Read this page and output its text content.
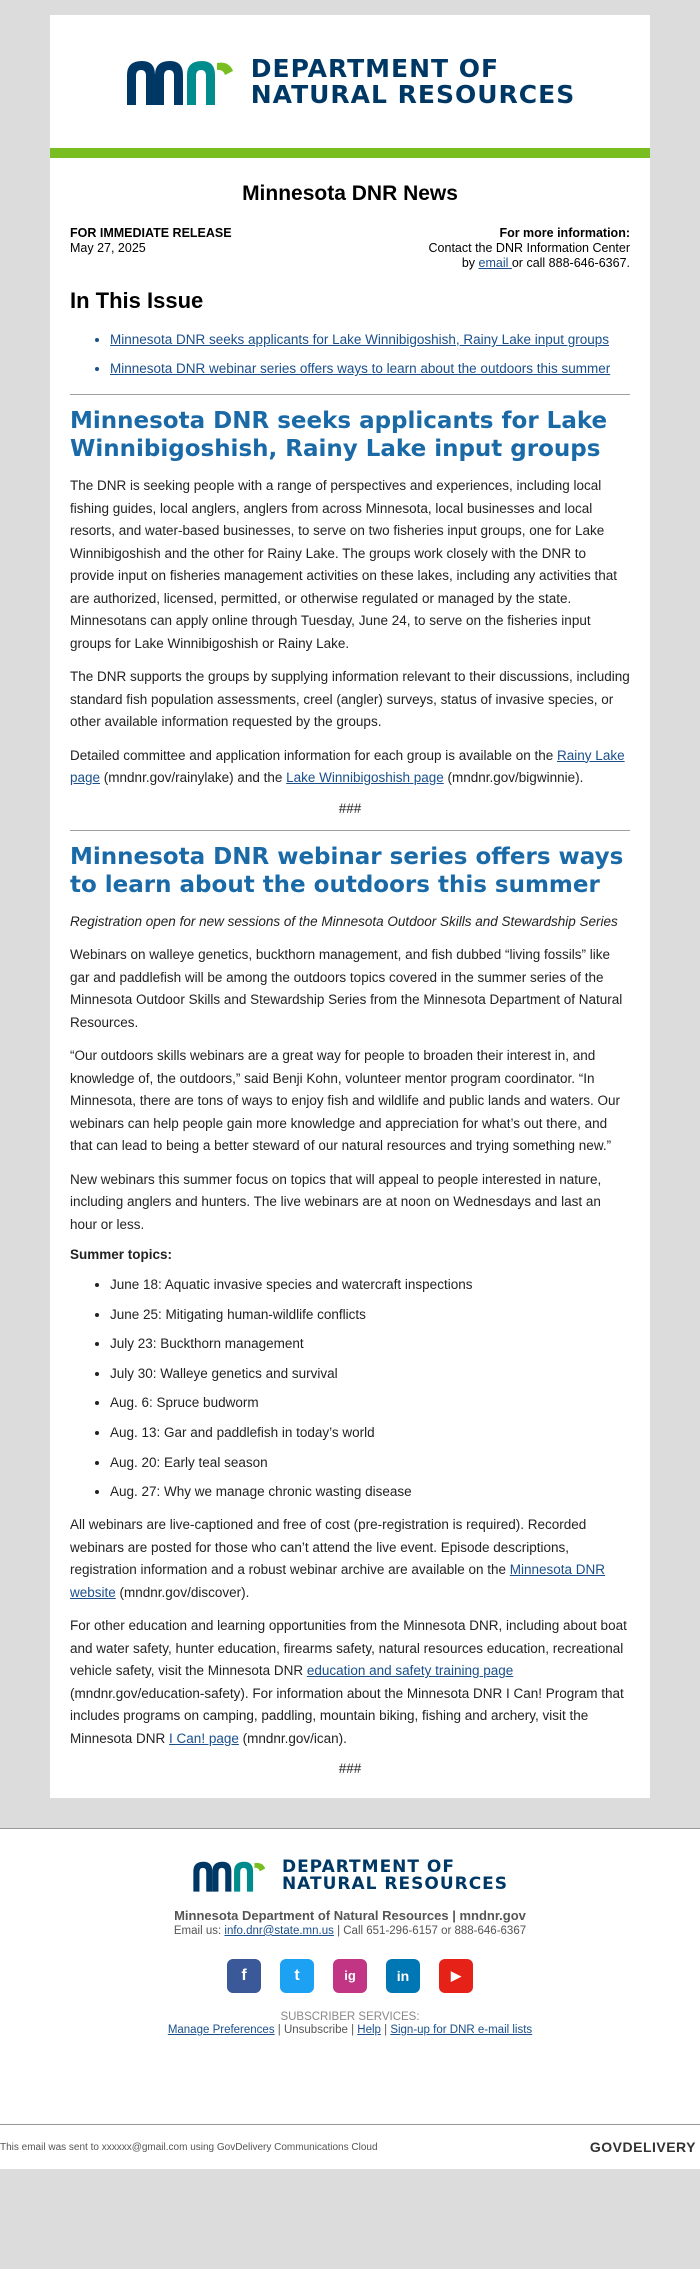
DEPARTMENT OF
NATURAL RESOURCES
Minnesota DNR News
FOR IMMEDIATE RELEASE
May 27, 2025
For more information:
Contact the DNR Information Center
by email or call 888-646-6367.
In This Issue
• Minnesota DNR seeks applicants for Lake Winnibigoshish, Rainy Lake input groups
• Minnesota DNR webinar series offers ways to learn about the outdoors this summer
Minnesota DNR seeks applicants for Lake Winnibigoshish, Rainy Lake input groups

The DNR is seeking people with a range of perspectives and experiences, including local fishing guides, local anglers, anglers from across Minnesota, local businesses and local resorts, and water-based businesses, to serve on two fisheries input groups, one for Lake Winnibigoshish and the other for Rainy Lake. The groups work closely with the DNR to provide input on fisheries management activities on these lakes, including any activities that are authorized, licensed, permitted, or otherwise regulated or managed by the state. Minnesotans can apply online through Tuesday, June 24, to serve on the fisheries input groups for Lake Winnibigoshish or Rainy Lake.

The DNR supports the groups by supplying information relevant to their discussions, including standard fish population assessments, creel (angler) surveys, status of invasive species, or other available information requested by the groups.

Detailed committee and application information for each group is available on the Rainy Lake page (mndnr.gov/rainylake) and the Lake Winnibigoshish page (mndnr.gov/bigwinnie).

###
Minnesota DNR webinar series offers ways to learn about the outdoors this summer

Registration open for new sessions of the Minnesota Outdoor Skills and Stewardship Series

Webinars on walleye genetics, buckthorn management, and fish dubbed “living fossils” like gar and paddlefish will be among the outdoors topics covered in the summer series of the Minnesota Outdoor Skills and Stewardship Series from the Minnesota Department of Natural Resources.

“Our outdoors skills webinars are a great way for people to broaden their interest in, and knowledge of, the outdoors,” said Benji Kohn, volunteer mentor program coordinator. “In Minnesota, there are tons of ways to enjoy fish and wildlife and public lands and waters. Our webinars can help people gain more knowledge and appreciation for what’s out there, and that can lead to being a better steward of our natural resources and trying something new.”

New webinars this summer focus on topics that will appeal to people interested in nature, including anglers and hunters. The live webinars are at noon on Wednesdays and last an hour or less.

Summer topics:
• June 18: Aquatic invasive species and watercraft inspections
• June 25: Mitigating human-wildlife conflicts
• July 23: Buckthorn management
• July 30: Walleye genetics and survival
• Aug. 6: Spruce budworm
• Aug. 13: Gar and paddlefish in today’s world
• Aug. 20: Early teal season
• Aug. 27: Why we manage chronic wasting disease

All webinars are live-captioned and free of cost (pre-registration is required). Recorded webinars are posted for those who can’t attend the live event. Episode descriptions, registration information and a robust webinar archive are available on the Minnesota DNR website (mndnr.gov/discover).

For other education and learning opportunities from the Minnesota DNR, including about boat and water safety, hunter education, firearms safety, natural resources education, recreational vehicle safety, visit the Minnesota DNR education and safety training page (mndnr.gov/education-safety). For information about the Minnesota DNR I Can! Program that includes programs on camping, paddling, mountain biking, fishing and archery, visit the Minnesota DNR I Can! page (mndnr.gov/ican).

###
DEPARTMENT OF
NATURAL RESOURCES
Minnesota Department of Natural Resources | mndnr.gov
Email us: info.dnr@state.mn.us | Call 651-296-6157 or 888-646-6367
f	t	ig	in	▶
SUBSCRIBER SERVICES:
Manage Preferences | Unsubscribe | Help | Sign-up for DNR e-mail lists
This email was sent to xxxxxx@gmail.com using GovDelivery Communications Cloud	GOVDELIVERY
